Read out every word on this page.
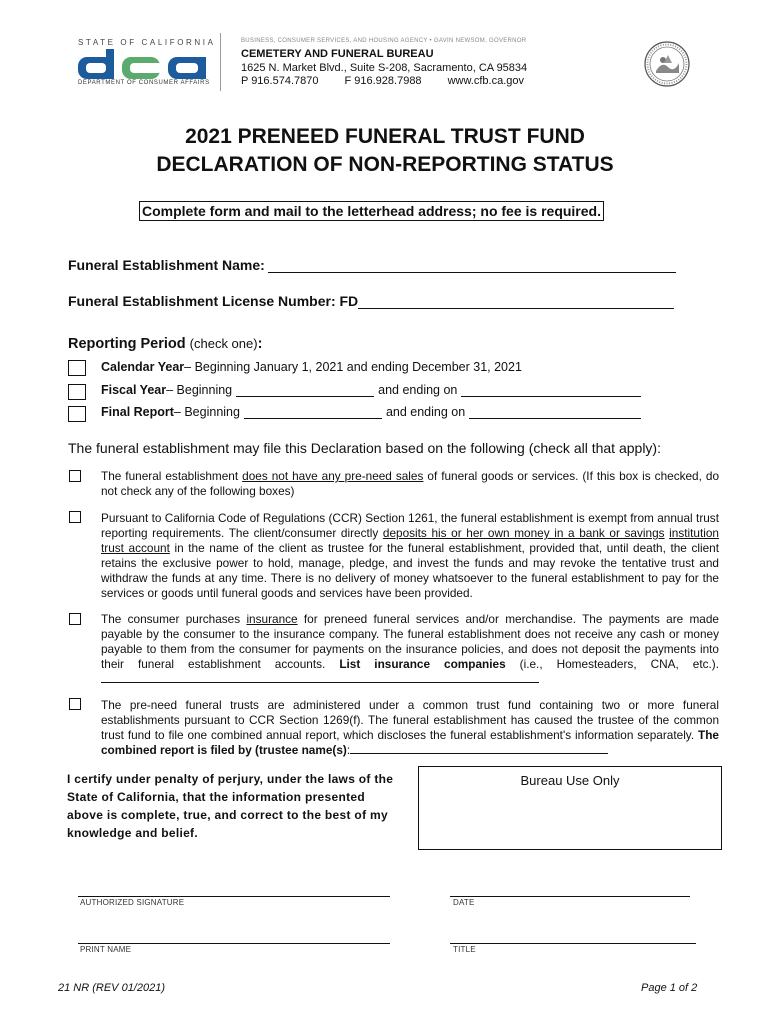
STATE OF CALIFORNIA
DEPARTMENT OF CONSUMER AFFAIRS
BUSINESS, CONSUMER SERVICES, AND HOUSING AGENCY • GAVIN NEWSOM, GOVERNOR
CEMETERY AND FUNERAL BUREAU
1625 N. Market Blvd., Suite S-208, Sacramento, CA 95834
P 916.574.7870 F 916.928.7988 www.cfb.ca.gov
2021 PRENEED FUNERAL TRUST FUND
DECLARATION OF NON-REPORTING STATUS
Complete form and mail to the letterhead address; no fee is required.
Funeral Establishment Name:
Funeral Establishment License Number: FD
Reporting Period (check one):
Calendar Year – Beginning January 1, 2021 and ending December 31, 2021
Fiscal Year – Beginning	and ending on
Final Report – Beginning	and ending on
The funeral establishment may file this Declaration based on the following (check all that apply):
The funeral establishment does not have any pre-need sales of funeral goods or services. (If this box is checked, do not check any of the following boxes)
Pursuant to California Code of Regulations (CCR) Section 1261, the funeral establishment is exempt from annual trust reporting requirements. The client/consumer directly deposits his or her own money in a bank or savings institution trust account in the name of the client as trustee for the funeral establishment, provided that, until death, the client retains the exclusive power to hold, manage, pledge, and invest the funds and may revoke the tentative trust and withdraw the funds at any time. There is no delivery of money whatsoever to the funeral establishment to pay for the services or goods until funeral goods and services have been provided.
The consumer purchases insurance for preneed funeral services and/or merchandise. The payments are made payable by the consumer to the insurance company. The funeral establishment does not receive any cash or money payable to them from the consumer for payments on the insurance policies, and does not deposit the payments into their funeral establishment accounts. List insurance companies (i.e., Homesteaders, CNA, etc.).
The pre-need funeral trusts are administered under a common trust fund containing two or more funeral establishments pursuant to CCR Section 1269(f). The funeral establishment has caused the trustee of the common trust fund to file one combined annual report, which discloses the funeral establishment's information separately. The combined report is filed by (trustee name(s):
I certify under penalty of perjury, under the laws of the State of California, that the information presented above is complete, true, and correct to the best of my knowledge and belief.
Bureau Use Only
AUTHORIZED SIGNATURE	DATE
PRINT NAME	TITLE
21 NR (REV 01/2021)	Page 1 of 2
